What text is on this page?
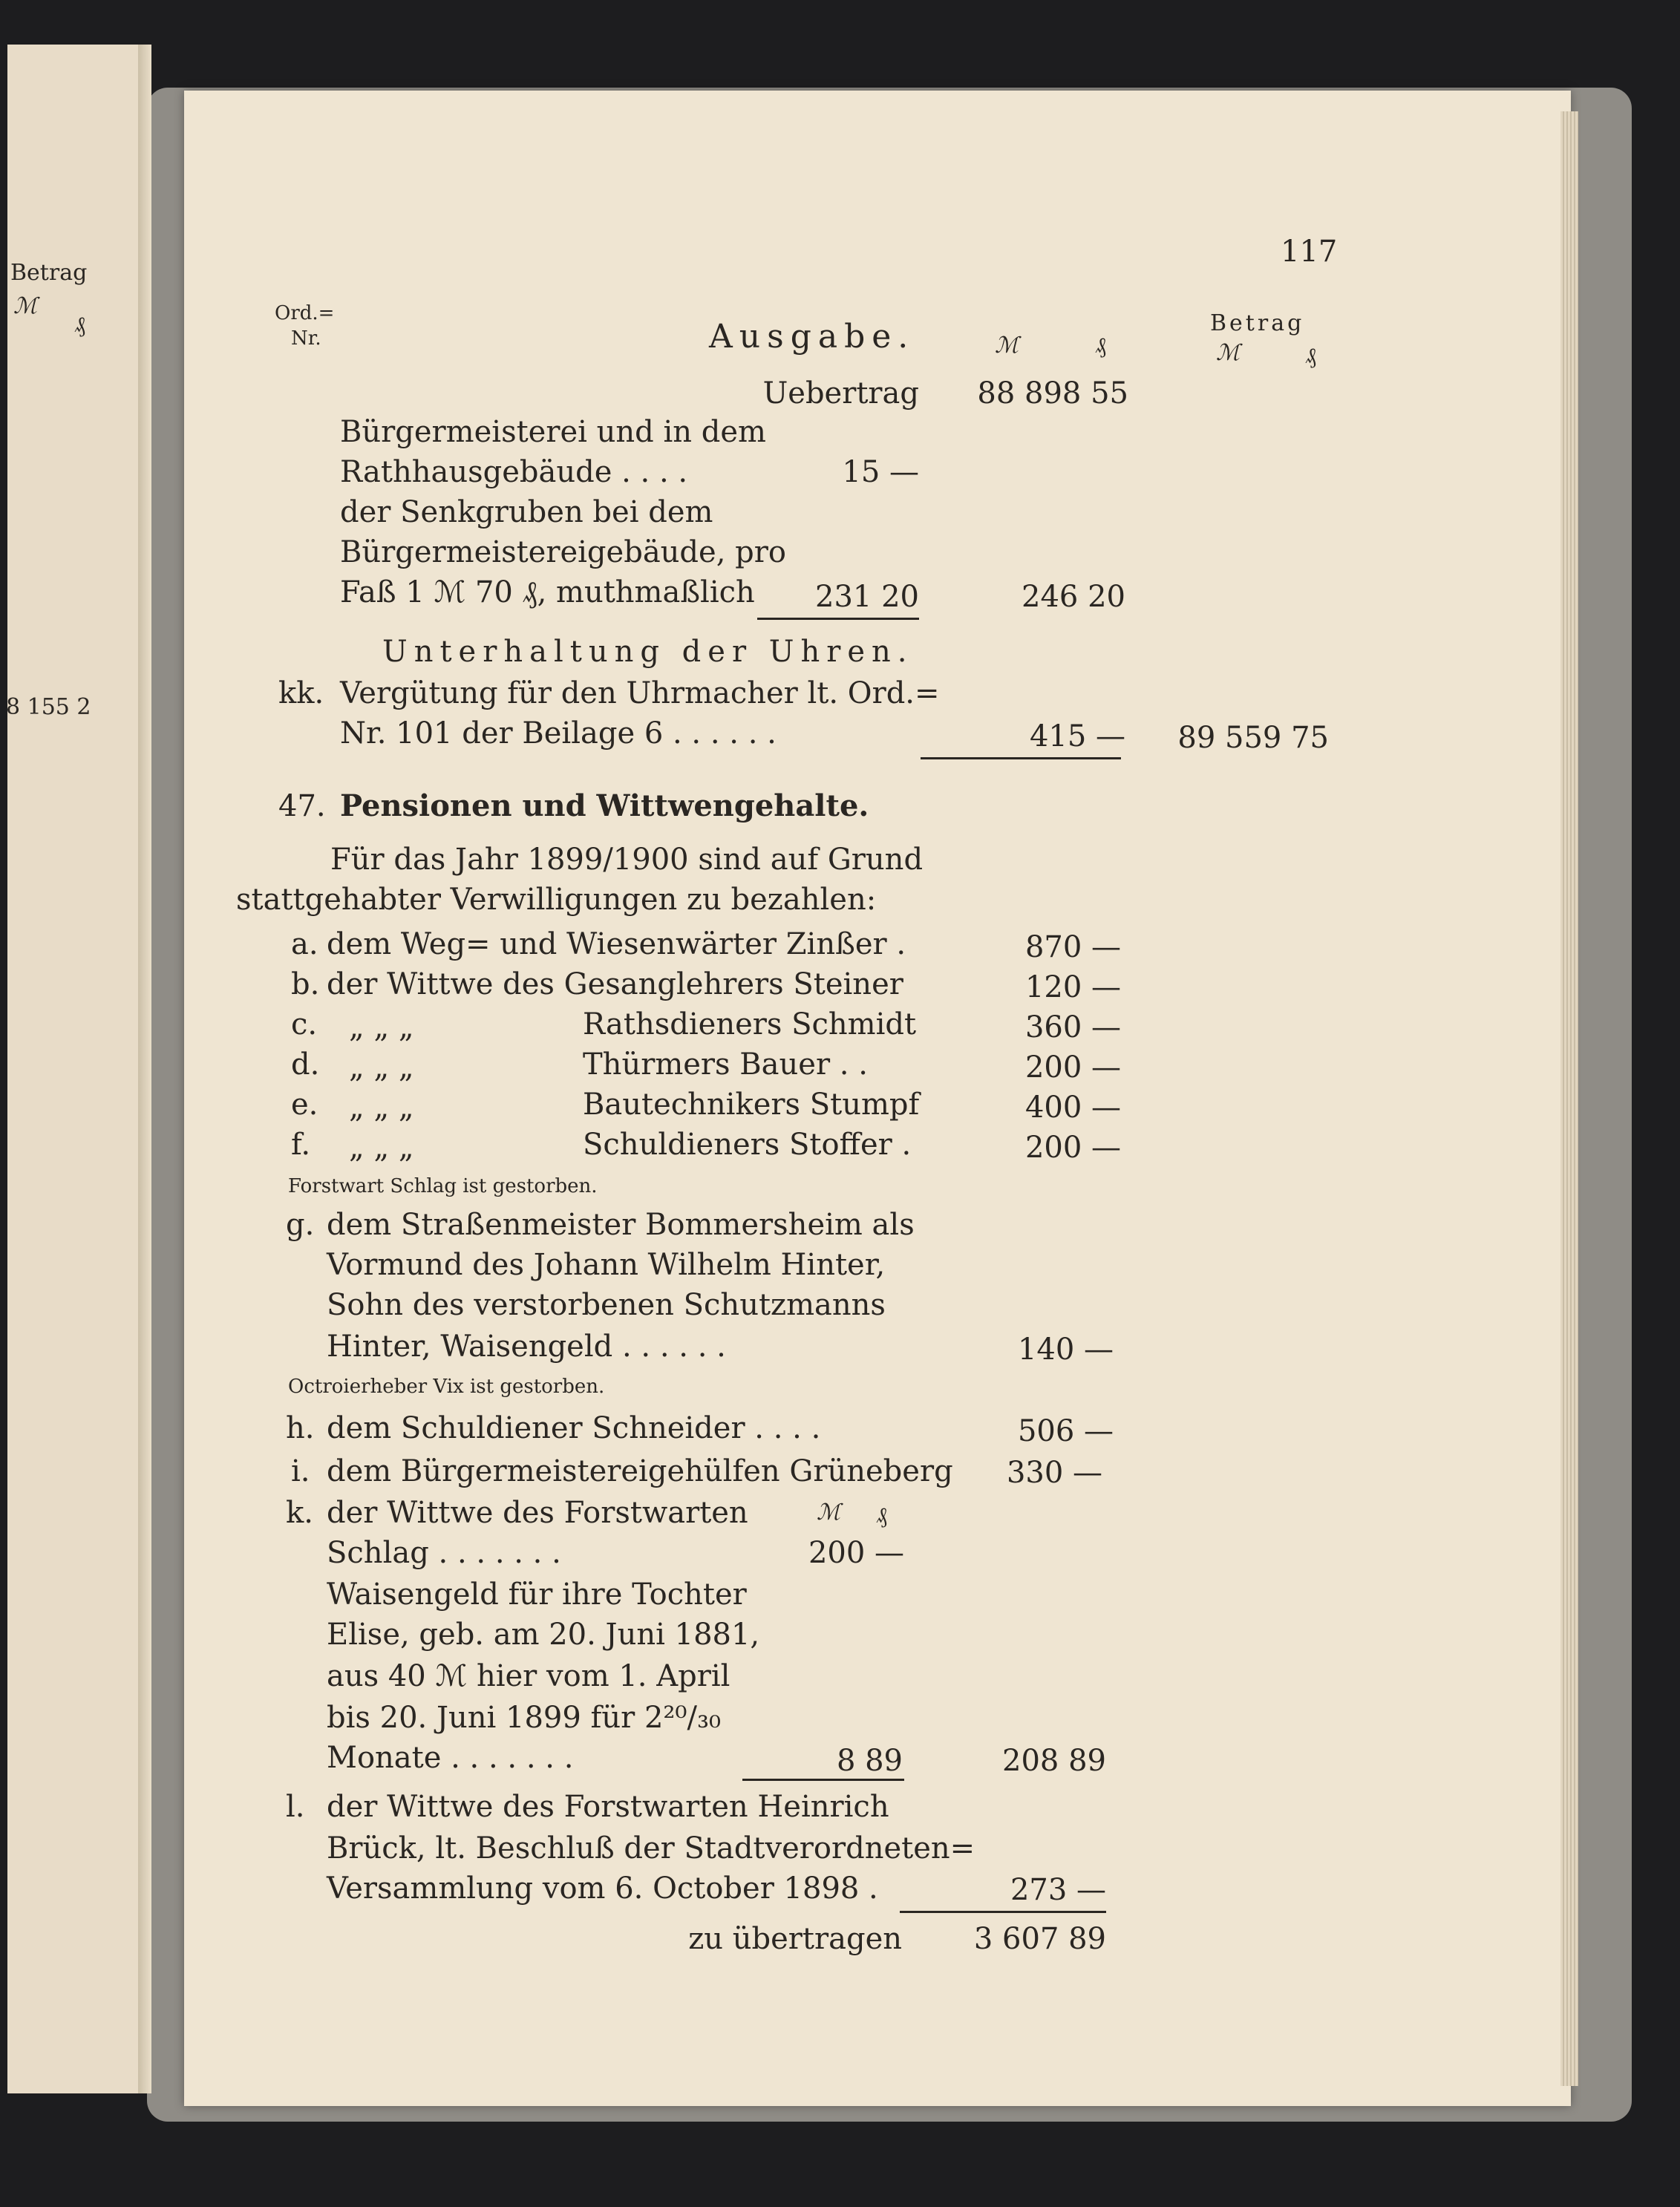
Betrag
ℳ
₰
8 155 2
117
Ord.=
Nr.	Ausgabe.	ℳ	₰
Betrag
ℳ	₰
Uebertrag	88 898 55
Bürgermeisterei und in dem
Rathhausgebäude . . . .	15 —
der Senkgruben bei dem
Bürgermeistereigebäude, pro
Faß 1 ℳ 70 ₰, muthmaßlich	231 20	246 20
Unterhaltung der Uhren.
kk. Vergütung für den Uhrmacher lt. Ord.=
Nr. 101 der Beilage 6 . . . . . .	415 —	89 559 75
47. Pensionen und Wittwengehalte.
Für das Jahr 1899/1900 sind auf Grund
stattgehabter Verwilligungen zu bezahlen:
a. dem Weg= und Wiesenwärter Zinßer .	870 —
b. der Wittwe des Gesanglehrers Steiner	120 —
c. „ „ „	Rathsdieners Schmidt	360 —
d. „ „ „	Thürmers Bauer . .	200 —
e. „ „ „	Bautechnikers Stumpf	400 —
f. „ „ „	Schuldieners Stoffer .	200 —
Forstwart Schlag ist gestorben.
g. dem Straßenmeister Bommersheim als
Vormund des Johann Wilhelm Hinter,
Sohn des verstorbenen Schutzmanns
Hinter, Waisengeld . . . . . .	140 —
Octroierheber Vix ist gestorben.
h. dem Schuldiener Schneider . . . .	506 —
i. dem Bürgermeistereigehülfen Grüneberg	330 —
k. der Wittwe des Forstwarten	ℳ ₰
Schlag . . . . . . .	200 —
Waisengeld für ihre Tochter
Elise, geb. am 20. Juni 1881,
aus 40 ℳ hier vom 1. April
bis 20. Juni 1899 für 2²⁰/₃₀
Monate . . . . . . .	8 89	208 89
l. der Wittwe des Forstwarten Heinrich
Brück, lt. Beschluß der Stadtverordneten=
Versammlung vom 6. October 1898 .	273 —
zu übertragen	3 607 89
